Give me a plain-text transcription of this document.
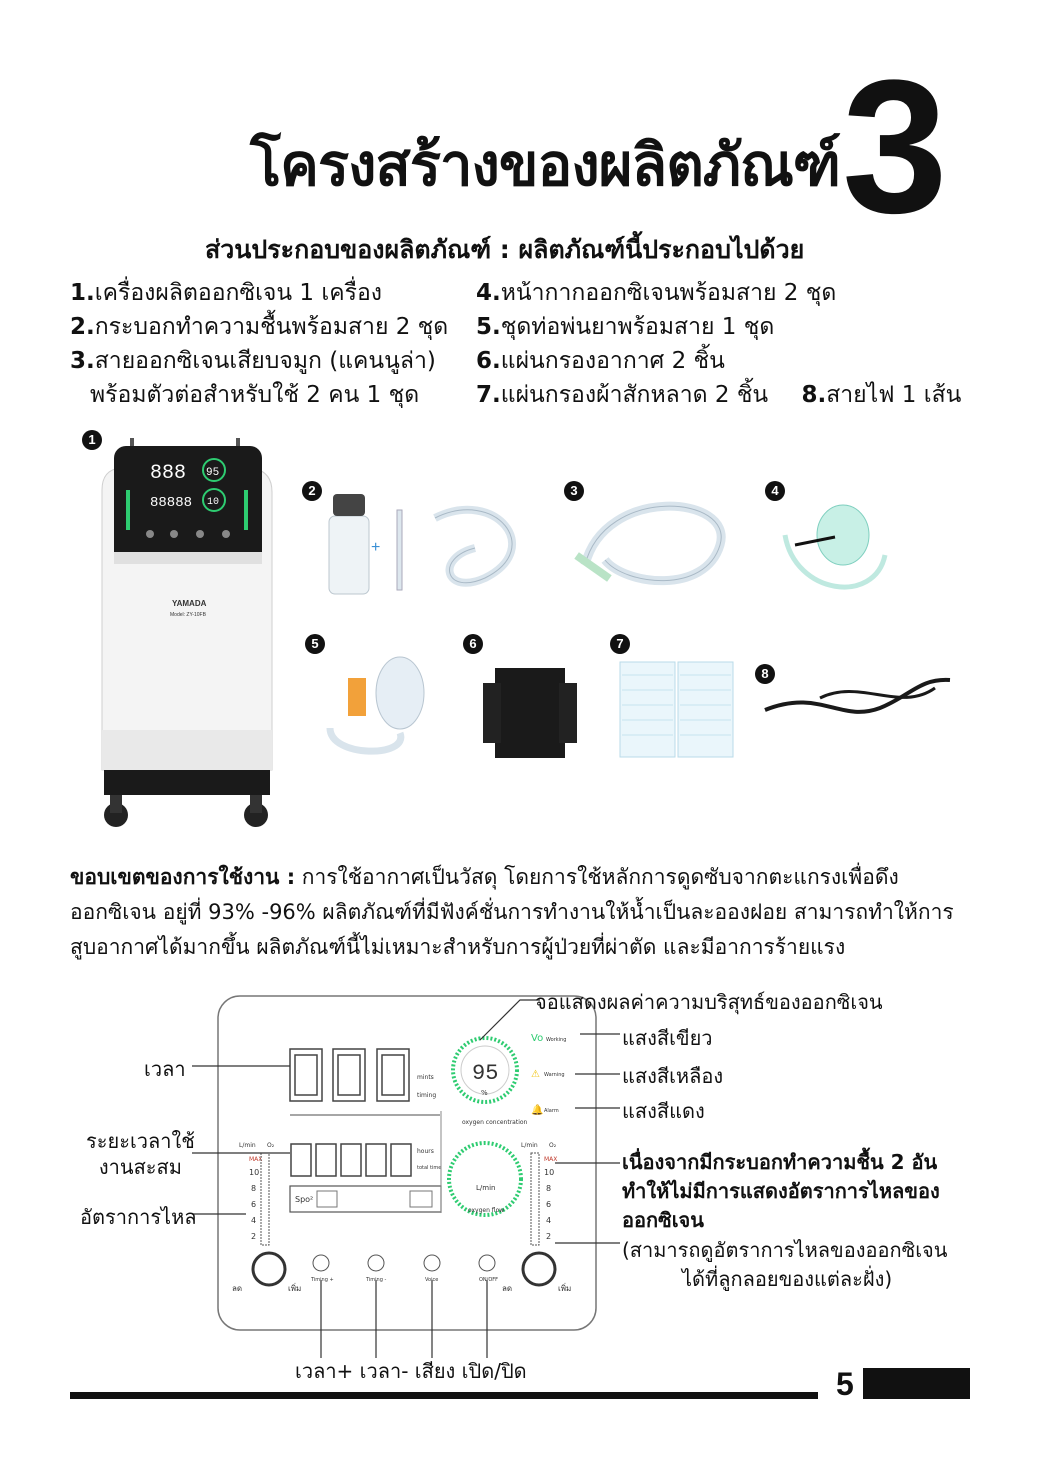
โครงสร้างของผลิตภัณฑ์ 3
ส่วนประกอบของผลิตภัณฑ์ : ผลิตภัณฑ์นี้ประกอบไปด้วย
1.เครื่องผลิตออกซิเจน 1 เครื่อง
2.กระบอกทำความชื้นพร้อมสาย 2 ชุด
3.สายออกซิเจนเสียบจมูก (แคนนูล่า)
พร้อมตัวต่อสำหรับใช้ 2 คน 1 ชุด
4.หน้ากากออกซิเจนพร้อมสาย 2 ชุด
5.ชุดท่อพ่นยาพร้อมสาย 1 ชุด
6.แผ่นกรองอากาศ 2 ชิ้น
7.แผ่นกรองผ้าสักหลาด 2 ชิ้น 8.สายไฟ 1 เส้น
1
2	3	4
5	6	7
8
888
88888
95
10
YAMADA
Model: ZY-10FB
+
ขอบเขตของการใช้งาน : การใช้อากาศเป็นวัสดุ โดยการใช้หลักการดูดซับจากตะแกรงเพื่อดึงออกซิเจน อยู่ที่ 93% -96% ผลิตภัณฑ์ที่มีฟังค์ชั่นการทำงานให้น้ำเป็นละอองฝอย สามารถทำให้การสูบอากาศได้มากขึ้น ผลิตภัณฑ์นี้ไม่เหมาะสำหรับการผู้ป่วยที่ผ่าตัด และมีอาการร้ายแรง
mints
timing
hours
total time
Spo²
95
%
oxygen concentration
L/min
oxygen flow
Vo Working
⚠ Warning
🔔 Alarm
L/min O₂
MAX
10
8
6
4
2
L/min O₂
MAX
10
8
6
4
2
ลด	เพิ่ม	ลด	เพิ่ม
Timing +	Timing -	Voice	ON/OFF
จอแสดงผลค่าความบริสุทธ์ของออกซิเจน
เวลา
ระยะเวลาใช้
งานสะสม
อัตราการไหล
แสงสีเขียว
แสงสีเหลือง
แสงสีแดง
เนื่องจากมีกระบอกทำความชื้น 2 อัน
ทำให้ไม่มีการแสดงอัตราการไหลของ
ออกซิเจน
(สามารถดูอัตราการไหลของออกซิเจน
ได้ที่ลูกลอยของแต่ละฝั่ง)
เวลา+ เวลา- เสียง เปิด/ปิด	5
